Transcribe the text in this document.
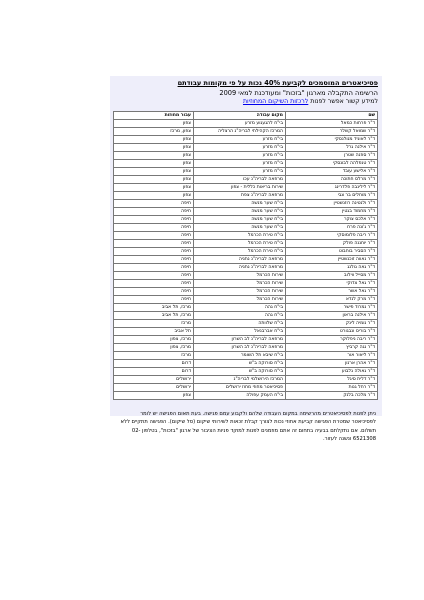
פסיכיאטרים המוסמכים לקביעת 40% נכות על פי מקומות עבודתם
הרשימה התקבלה מארגון "בזכות" ומעודכנת למאי 2009
למידע קשור אפשר לפנות לרכזות השיקום המחוזיות
שם	מקום עבודה	עבור מחוזות
ד"ר פרחות כמאל	בי"ח להגעגוע מזרע	צפון
ד"ר שמואל קשלר	המרכז הקהילתי לבריה"נ הרצליה	צפון, מרכז
ד"ר לאוניד מנולנסקי	בי"ח מזרע	צפון
ד"ר אילנה גרל	בי"ח מזרע	צפון
ד"ר סוזנה שטרן	בי"ח מזרע	צפון
ד"ר טנפלהה לבונסקי	בי"ח מזרע	צפון
ד"ר אלישע עובד	בי"ח מזרע	צפון
ד"ר מרלס חתוכה	מרפאה לבריה"נ עכו	צפון
ד"ר לילינבה פלדרינג	שירות בריאות כללית - צפון	צפון
ד"ר מוחלים בר צבי	מרפאה לבריה"נ צפת	צפון
ד"ר ולנטינה רוזנשטיין	בי"ח שער מנשה	חיפה
ד"ר מחמוד בגטין	בי"ח שער מנשה	חיפה
ד"ר אלכס צוקר	בי"ח שער מנשה	חיפה
ד"ר ג'ונה פרח	בי"ח שער מנשה	חיפה
ד"ר ריבה פלומוסקי	בי"ח טירת הכרמל	חיפה
ד"ר יוחננה פולק	בי"ח טירת הכרמל	חיפה
ד"ר הסביר בוחבוט	בי"ח טירת הכרמל	חיפה
ד"ר נאווה זוכנשטיין	מרפאה לבריה"נ נתניה	חיפה
ד"ר גאה גולנג	מרפאה לבריה"נ נתניה	חיפה
ד"ר מסייל ווילוב	שירות הכרמל	חיפה
ד"ר גאל צדוקי	שירות הכרמל	חיפה
ד"ר גאל אשר	שירות הכרמל	חיפה
ד"ר מרק לנדא	שירות הכרמל	חיפה
ד"ר נמרוד פישר	בי"ח גהה	מרכז, תל אביב
ד"ר אילנה בראון	בי"ח גהה	מרכז, תל אביב
ד"ר נומיה לינק	בי"ח שלוותה	מרכז
ד"ר בוריס ונבגורט	בי"ח אברבנאל	תל אביב
ד"ר ריבה ניפלוקר	מרפאה לבריה"נ לב השרון	מרכז, צפון
ד"ר נגה קרביץ	מרפאה לבריה"נ לב השרון	מרכז, צפון
ד"ר ליאור אור	בי"ח שיבא תל השומר	מרכז
ד"ר אהרן ארנון	בי"ח סורוקה ב"ש	דרום
ד"ר גאולה גלבוע	בי"ח סורוקה ב"ש	דרום
ד"ר דלית סיגל	המרכז הירושלמי לבריה"נ	ירושלים
ד"ר רחל גנות	פסיכיאטר מחוזי מחוז ירושלים	ירושלים
ד"ר מלכה בלנק	בי"ח העמק עפולה	צפון
ניתן לפנות לפסיכיאטרים מהרשימה במקום העבודה שלהם ולקבוע עמם פגישה. בעת תאום הפגישה יש לומר לפסיכיאטר שמטרת הפגישה קביעת אחוזי נכות לצורך קבלת זכאות לשירותי שיקום (סל שיקום). הפגישה תתקיים ללא תשלום. אם נתקלתם בבעיה בתחום זה אתם מוזמנים לפנות למוקד פניות הציבור של ארגון "בזכות", בטלפון 02-6521308 ונשנה לעזור.
